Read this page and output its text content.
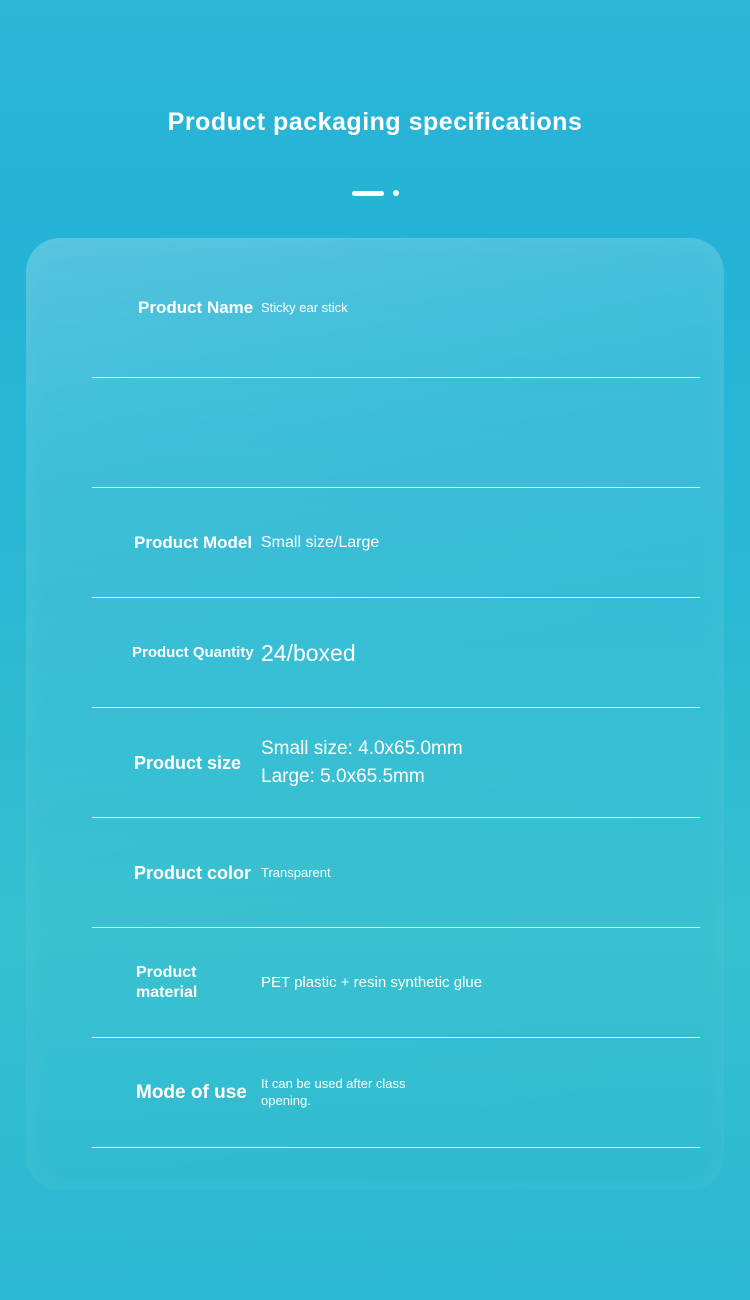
Product packaging specifications
Product Name Sticky ear stick
Product Model Small size/Large
Product Quantity 24/boxed
Product size
Small size: 4.0x65.0mm
Large: 5.0x65.5mm
Product color Transparent
Product material
PET plastic + resin synthetic glue
Mode of use	It can be used after class opening.
